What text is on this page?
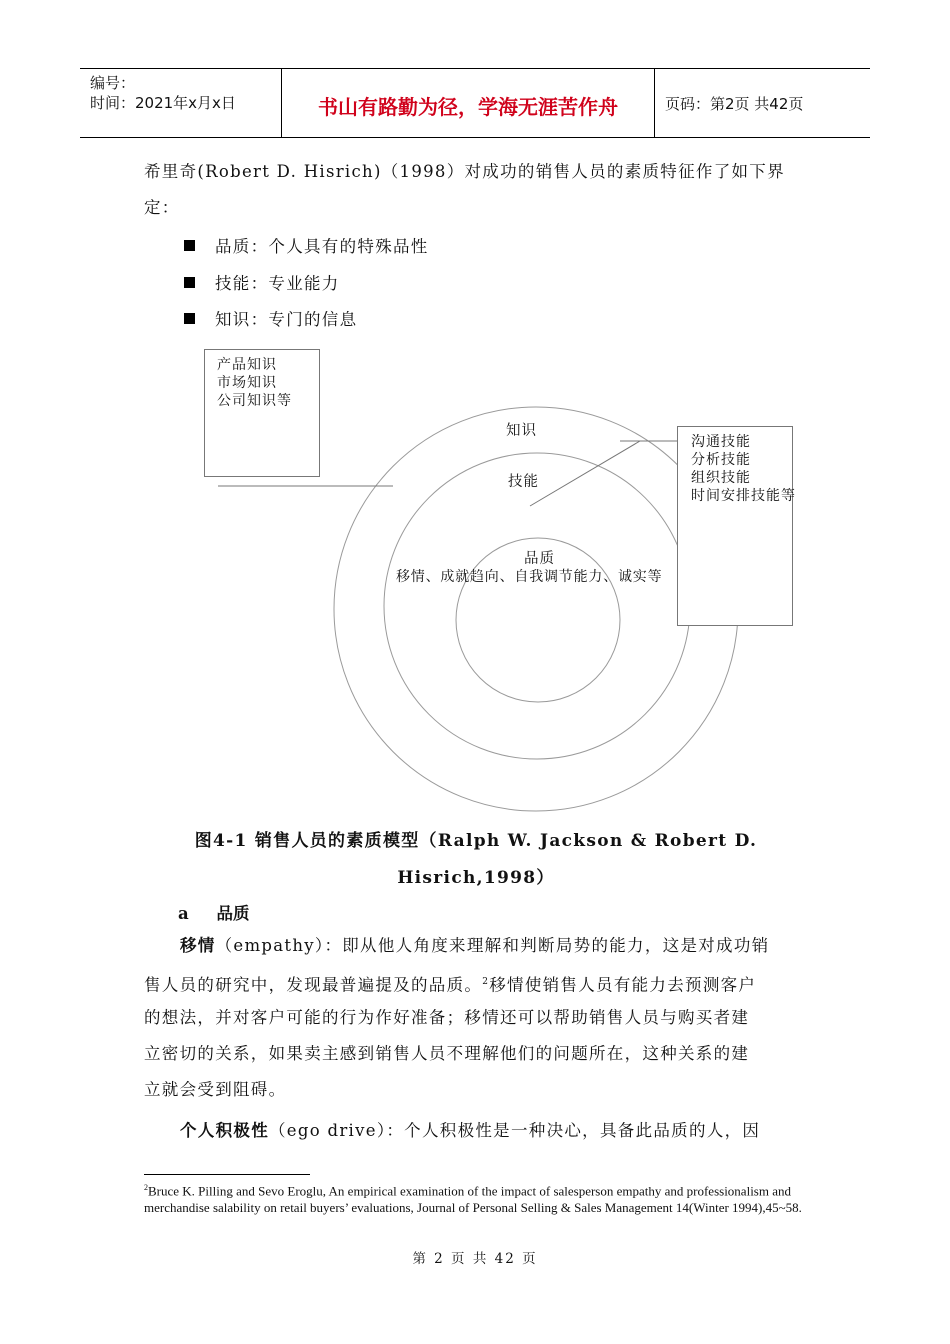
编号：
时间：2021年x月x日	书山有路勤为径，学海无涯苦作舟	页码：第2页 共42页
希里奇(Robert D. Hisrich)（1998）对成功的销售人员的素质特征作了如下界
定：
品质：个人具有的特殊品性
技能：专业能力
知识：专门的信息
产品知识
市场知识
公司知识等
沟通技能
分析技能
组织技能
时间安排技能等
知识
技能
品质
移情、成就趋向、自我调节能力、诚实等
图4-1 销售人员的素质模型（Ralph W. Jackson & Robert D.
Hisrich,1998）
a 品质
移情（empathy）：即从他人角度来理解和判断局势的能力，这是对成功销
售人员的研究中，发现最普遍提及的品质。$^2$移情使销售人员有能力去预测客户
的想法，并对客户可能的行为作好准备；移情还可以帮助销售人员与购买者建
立密切的关系，如果卖主感到销售人员不理解他们的问题所在，这种关系的建
立就会受到阻碍。
个人积极性（ego drive）：个人积极性是一种决心，具备此品质的人，因
$^2$Bruce K. Pilling and Sevo Eroglu, An empirical examination of the impact of salesperson empathy and professionalism and merchandise salability on retail buyers’ evaluations, Journal of Personal Selling & Sales Management 14(Winter 1994),45~58.
第 2 页 共 42 页
